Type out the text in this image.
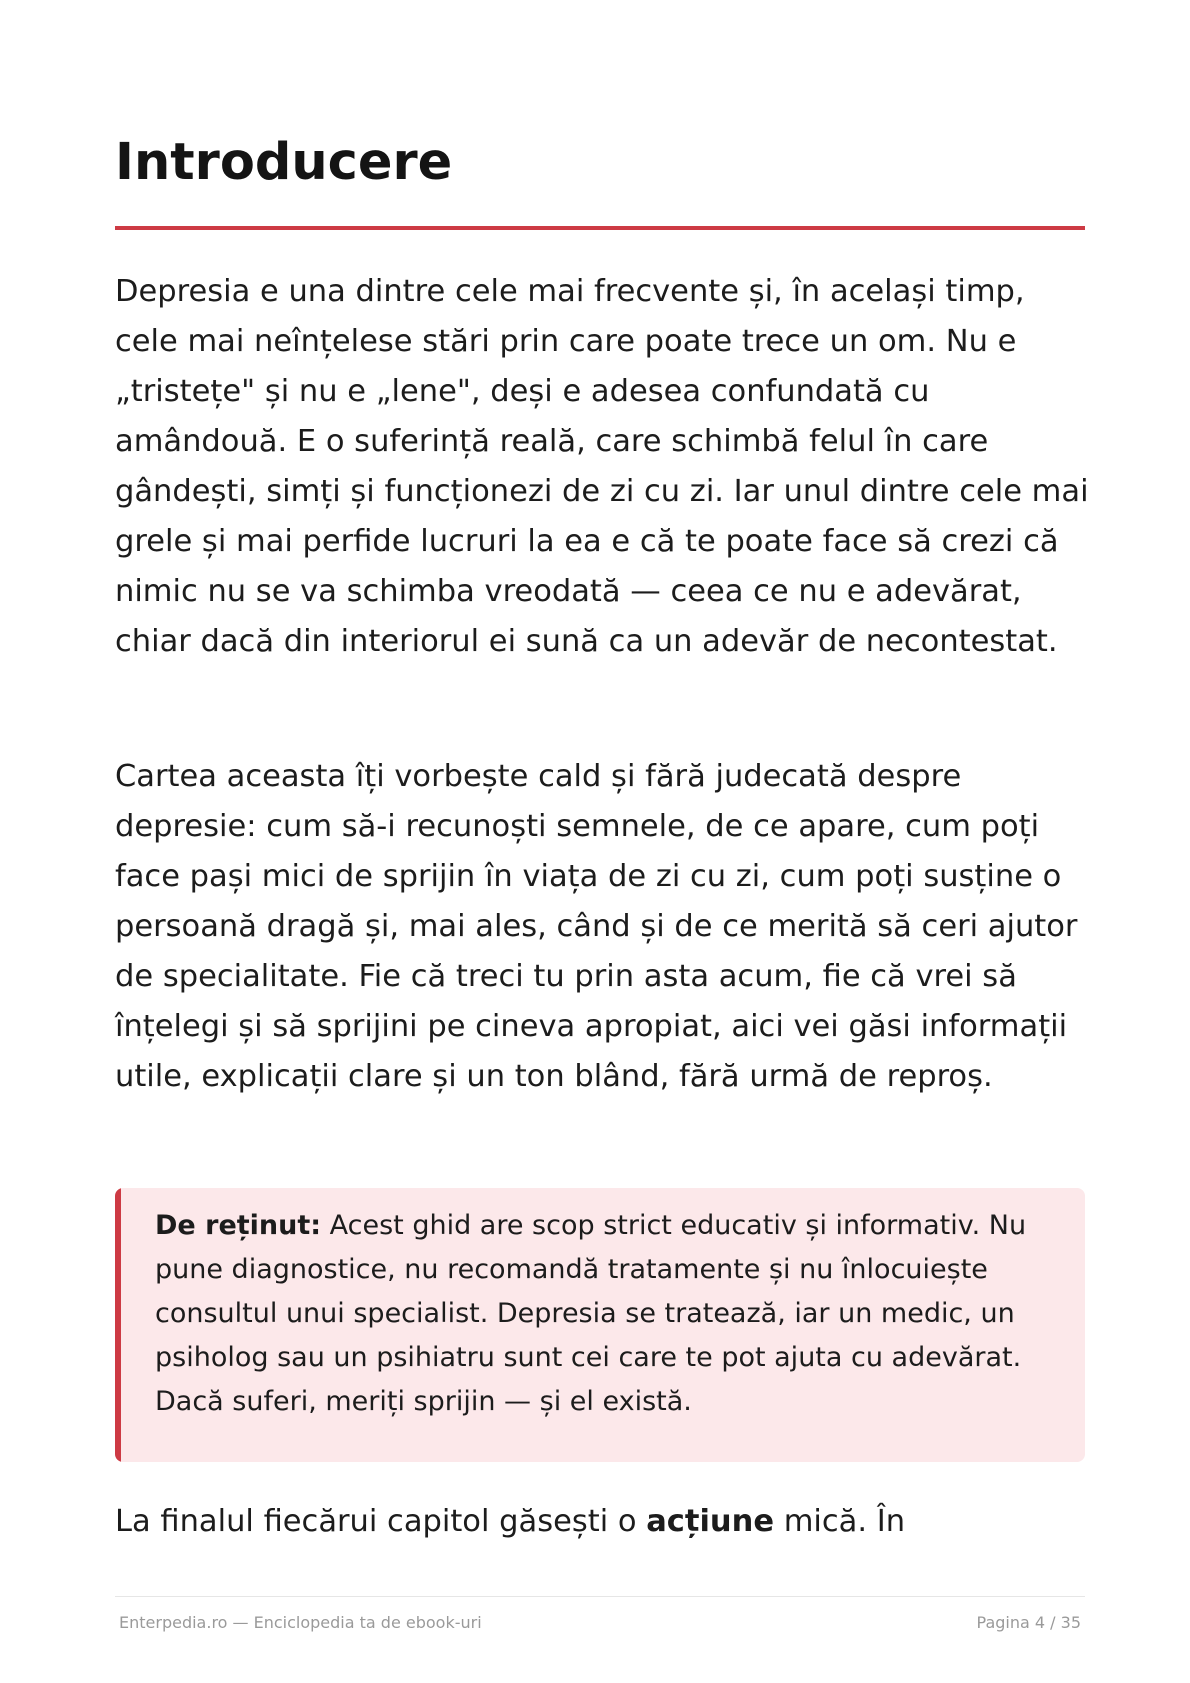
Introducere

Depresia e una dintre cele mai frecvente și, în același timp, cele mai neînțelese stări prin care poate trece un om. Nu e „tristețe" și nu e „lene", deși e adesea confundată cu amândouă. E o suferință reală, care schimbă felul în care gândești, simți și funcționezi de zi cu zi. Iar unul dintre cele mai grele și mai perfide lucruri la ea e că te poate face să crezi că nimic nu se va schimba vreodată — ceea ce nu e adevărat, chiar dacă din interiorul ei sună ca un adevăr de necontestat.

Cartea aceasta îți vorbește cald și fără judecată despre depresie: cum să-i recunoști semnele, de ce apare, cum poți face pași mici de sprijin în viața de zi cu zi, cum poți susține o persoană dragă și, mai ales, când și de ce merită să ceri ajutor de specialitate. Fie că treci tu prin asta acum, fie că vrei să înțelegi și să sprijini pe cineva apropiat, aici vei găsi informații utile, explicații clare și un ton blând, fără urmă de reproș.

De reținut: Acest ghid are scop strict educativ și informativ. Nu pune diagnostice, nu recomandă tratamente și nu înlocuiește consultul unui specialist. Depresia se tratează, iar un medic, un psiholog sau un psihiatru sunt cei care te pot ajuta cu adevărat. Dacă suferi, meriți sprijin — și el există.

La finalul fiecărui capitol găsești o acțiune mică. În

Enterpedia.ro — Enciclopedia ta de ebook-uri	Pagina 4 / 35
